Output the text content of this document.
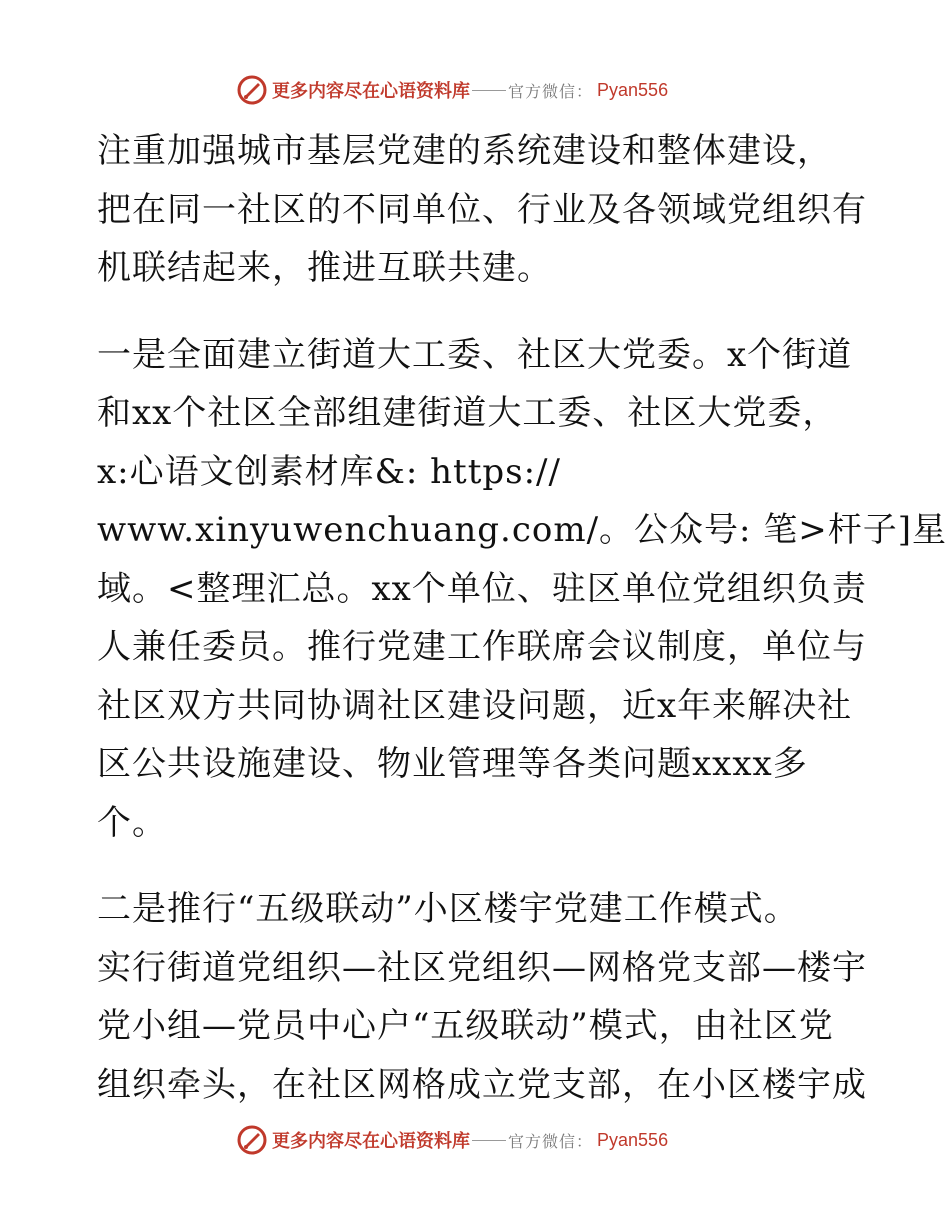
更多内容尽在心语资料库 官方微信： Pyan556
注重加强城市基层党建的系统建设和整体建设，
把在同一社区的不同单位、行业及各领域党组织有
机联结起来，推进互联共建。
一是全面建立街道大工委、社区大党委。x个街道
和xx个社区全部组建街道大工委、社区大党委，
x:心语文创素材库&: https://
www.xinyuwenchuang.com/。公众号: 笔>杆子]星
域。<整理汇总。xx个单位、驻区单位党组织负责
人兼任委员。推行党建工作联席会议制度，单位与
社区双方共同协调社区建设问题，近x年来解决社
区公共设施建设、物业管理等各类问题xxxx多
个。
二是推行“五级联动”小区楼宇党建工作模式。
实行街道党组织—社区党组织—网格党支部—楼宇
党小组—党员中心户“五级联动”模式，由社区党
组织牵头，在社区网格成立党支部，在小区楼宇成
更多内容尽在心语资料库 官方微信： Pyan556
